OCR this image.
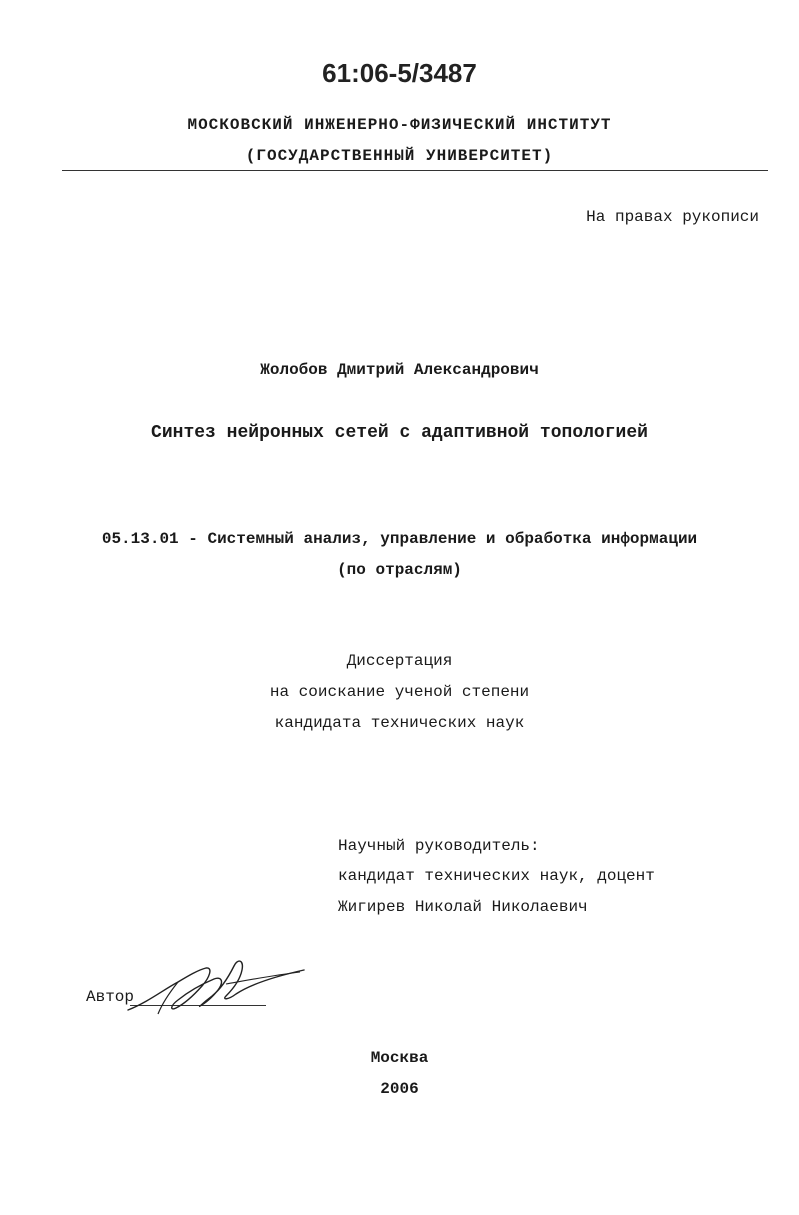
61:06-5/3487
МОСКОВСКИЙ ИНЖЕНЕРНО-ФИЗИЧЕСКИЙ ИНСТИТУТ
(ГОСУДАРСТВЕННЫЙ УНИВЕРСИТЕТ)
На правах рукописи
Жолобов Дмитрий Александрович
Синтез нейронных сетей с адаптивной топологией
05.13.01 - Системный анализ, управление и обработка информации
(по отраслям)
Диссертация
на соискание ученой степени
кандидата технических наук
Научный руководитель:
кандидат технических наук, доцент
Жигирев Николай Николаевич
Автор
Москва
2006
